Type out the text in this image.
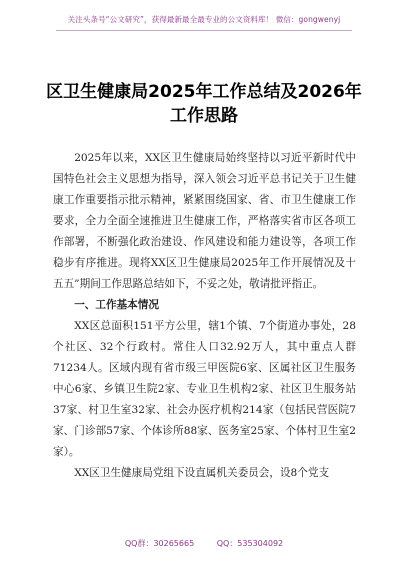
关注头条号“公文研究”，获得最新最全最专业的公文资料库！ 微信：gongwenyj
区卫生健康局2025年工作总结及2026年工作思路

2025年以来，XX区卫生健康局始终坚持以习近平新时代中国特色社会主义思想为指导，深入领会习近平总书记关于卫生健康工作重要指示批示精神，紧紧围绕国家、省、市卫生健康工作要求，全力全面全速推进卫生健康工作，严格落实省市区各项工作部署，不断强化政治建设、作风建设和能力建设等，各项工作稳步有序推进。现将XX区卫生健康局2025年工作开展情况及十五五”期间工作思路总结如下，不妥之处，敬请批评指正。

一、工作基本情况

XX区总面积151平方公里，辖1个镇、7个街道办事处，28个社区、32个行政村。常住人口32.92万人，其中重点人群71234人。区域内现有省市级三甲医院6家、区属社区卫生服务中心6家、乡镇卫生院2家、专业卫生机构2家、社区卫生服务站37家、村卫生室32家、社会办医疗机构214家（包括民营医院7家、门诊部57家、个体诊所88家、医务室25家、个体村卫生室2家）。

XX区卫生健康局党组下设直属机关委员会，设8个党支

QQ群：30265665	QQ：535304092
